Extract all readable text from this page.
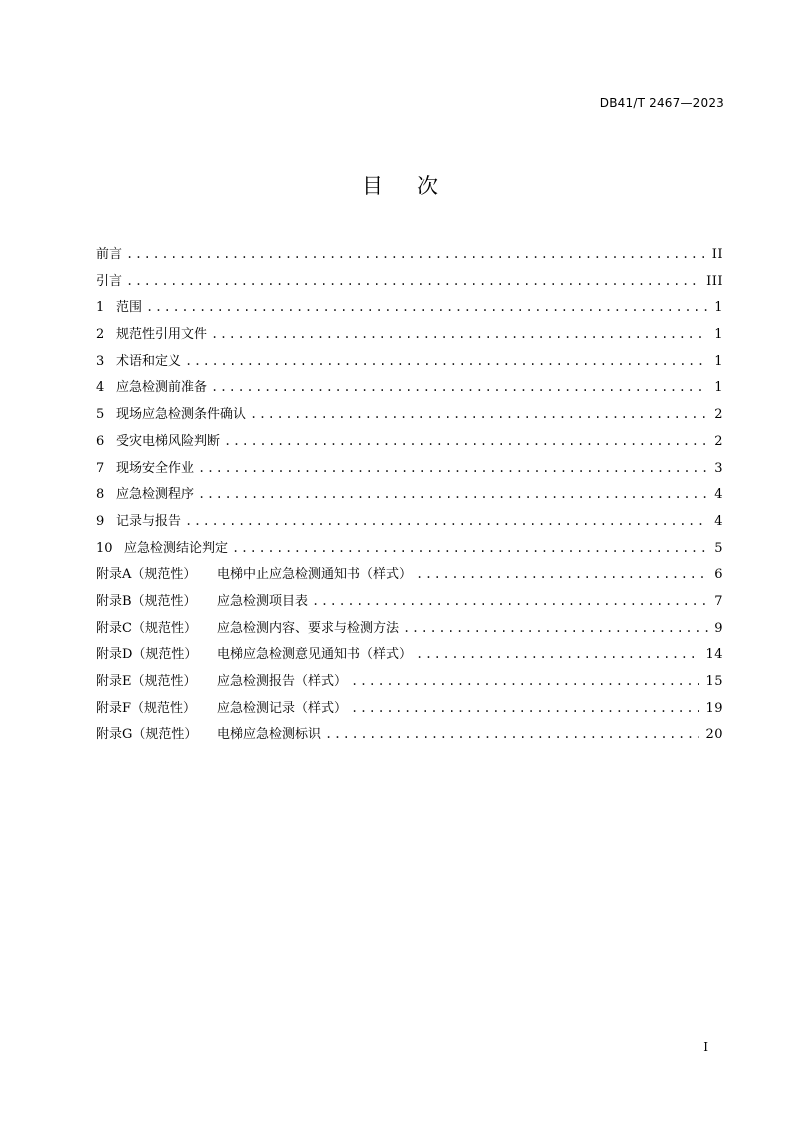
DB41/T 2467—2023
目次
前言 .....	II
引言 .....	III
1 范围 .....	1
2 规范性引用文件 .....	1
3 术语和定义 .....	1
4 应急检测前准备 .....	1
5 现场应急检测条件确认 .....	2
6 受灾电梯风险判断 .....	2
7 现场安全作业 .....	3
8 应急检测程序 .....	4
9 记录与报告 .....	4
10 应急检测结论判定 .....	5
附录A（规范性） 电梯中止应急检测通知书（样式） .....	6
附录B（规范性） 应急检测项目表 .....	7
附录C（规范性） 应急检测内容、要求与检测方法 .....	9
附录D（规范性） 电梯应急检测意见通知书（样式） .....	14
附录E（规范性） 应急检测报告（样式） .....	15
附录F（规范性） 应急检测记录（样式） .....	19
附录G（规范性） 电梯应急检测标识 .....	20
I
